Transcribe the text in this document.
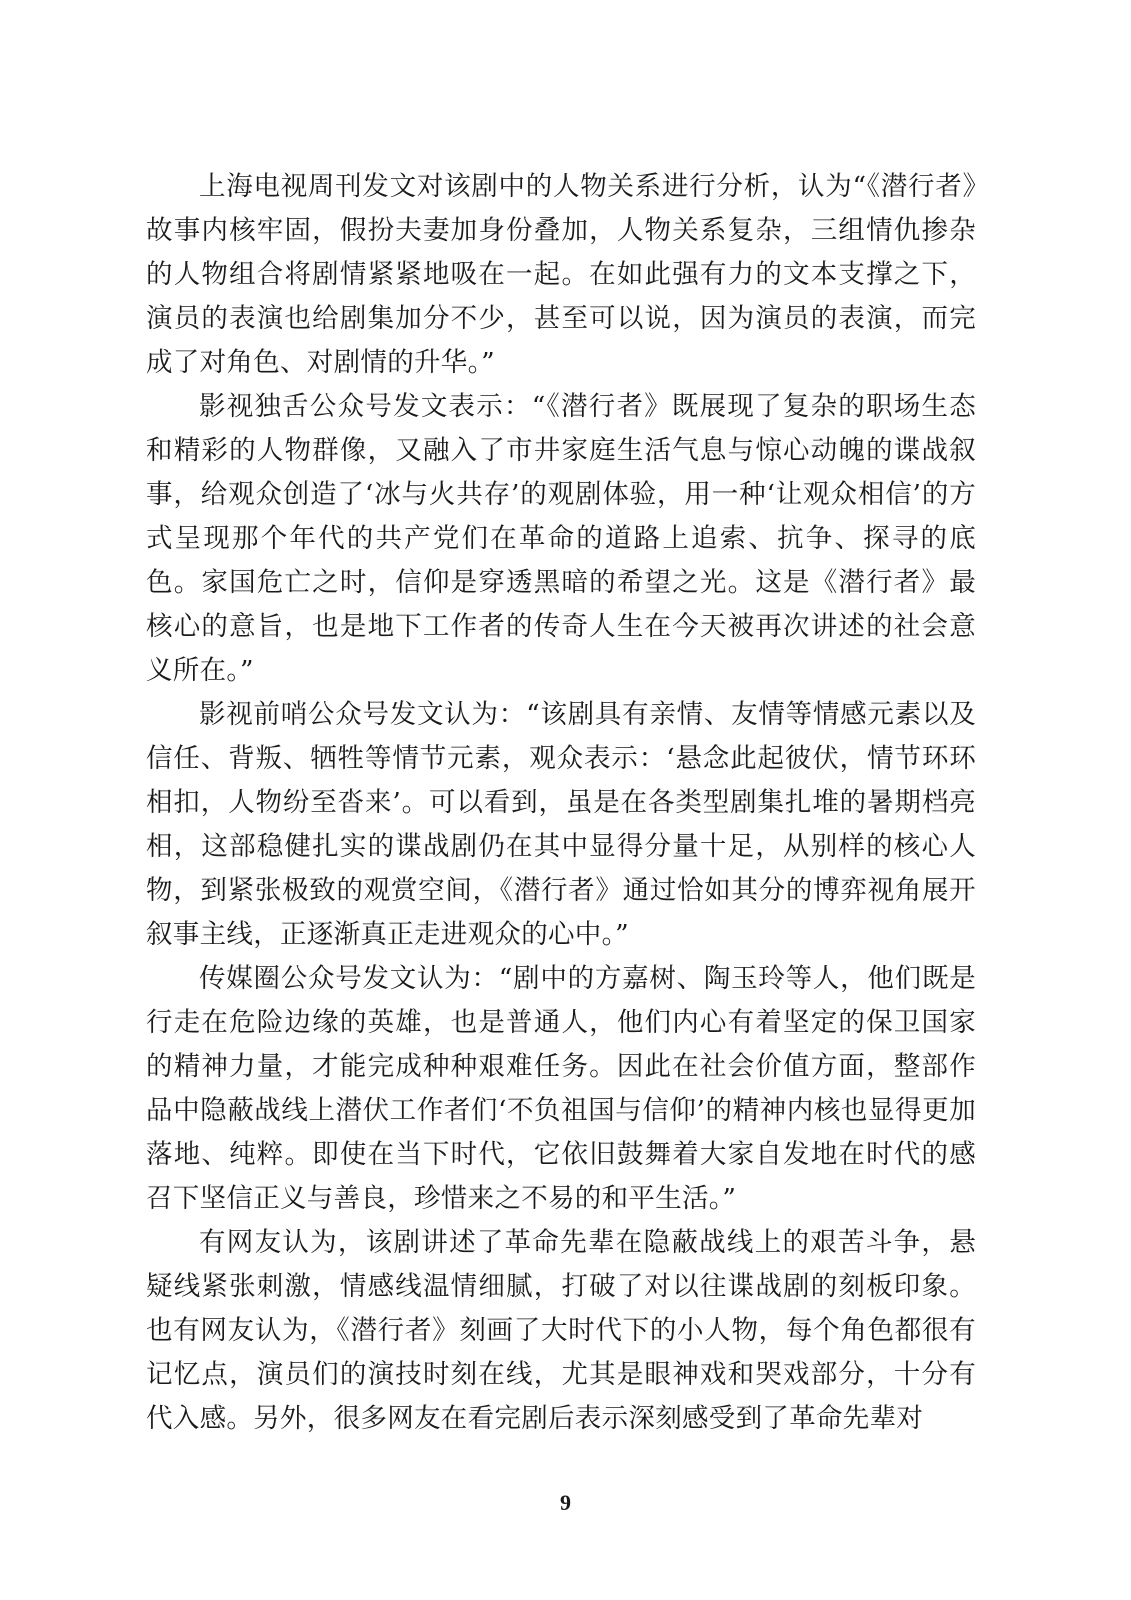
上海电视周刊发文对该剧中的人物关系进行分析，认为“《潜行者》故事内核牢固，假扮夫妻加身份叠加，人物关系复杂，三组情仇掺杂的人物组合将剧情紧紧地吸在一起。在如此强有力的文本支撑之下，演员的表演也给剧集加分不少，甚至可以说，因为演员的表演，而完成了对角色、对剧情的升华。”

影视独舌公众号发文表示：“《潜行者》既展现了复杂的职场生态和精彩的人物群像，又融入了市井家庭生活气息与惊心动魄的谍战叙事，给观众创造了‘冰与火共存’的观剧体验，用一种‘让观众相信’的方式呈现那个年代的共产党们在革命的道路上追索、抗争、探寻的底色。家国危亡之时，信仰是穿透黑暗的希望之光。这是《潜行者》最核心的意旨，也是地下工作者的传奇人生在今天被再次讲述的社会意义所在。”

影视前哨公众号发文认为：“该剧具有亲情、友情等情感元素以及信任、背叛、牺牲等情节元素，观众表示：‘悬念此起彼伏，情节环环相扣，人物纷至沓来’。可以看到，虽是在各类型剧集扎堆的暑期档亮相，这部稳健扎实的谍战剧仍在其中显得分量十足，从别样的核心人物，到紧张极致的观赏空间，《潜行者》通过恰如其分的博弈视角展开叙事主线，正逐渐真正走进观众的心中。”

传媒圈公众号发文认为：“剧中的方嘉树、陶玉玲等人，他们既是行走在危险边缘的英雄，也是普通人，他们内心有着坚定的保卫国家的精神力量，才能完成种种艰难任务。因此在社会价值方面，整部作品中隐蔽战线上潜伏工作者们‘不负祖国与信仰’的精神内核也显得更加落地、纯粹。即使在当下时代，它依旧鼓舞着大家自发地在时代的感召下坚信正义与善良，珍惜来之不易的和平生活。”

有网友认为，该剧讲述了革命先辈在隐蔽战线上的艰苦斗争，悬疑线紧张刺激，情感线温情细腻，打破了对以往谍战剧的刻板印象。也有网友认为，《潜行者》刻画了大时代下的小人物，每个角色都很有记忆点，演员们的演技时刻在线，尤其是眼神戏和哭戏部分，十分有代入感。另外，很多网友在看完剧后表示深刻感受到了革命先辈对

9
